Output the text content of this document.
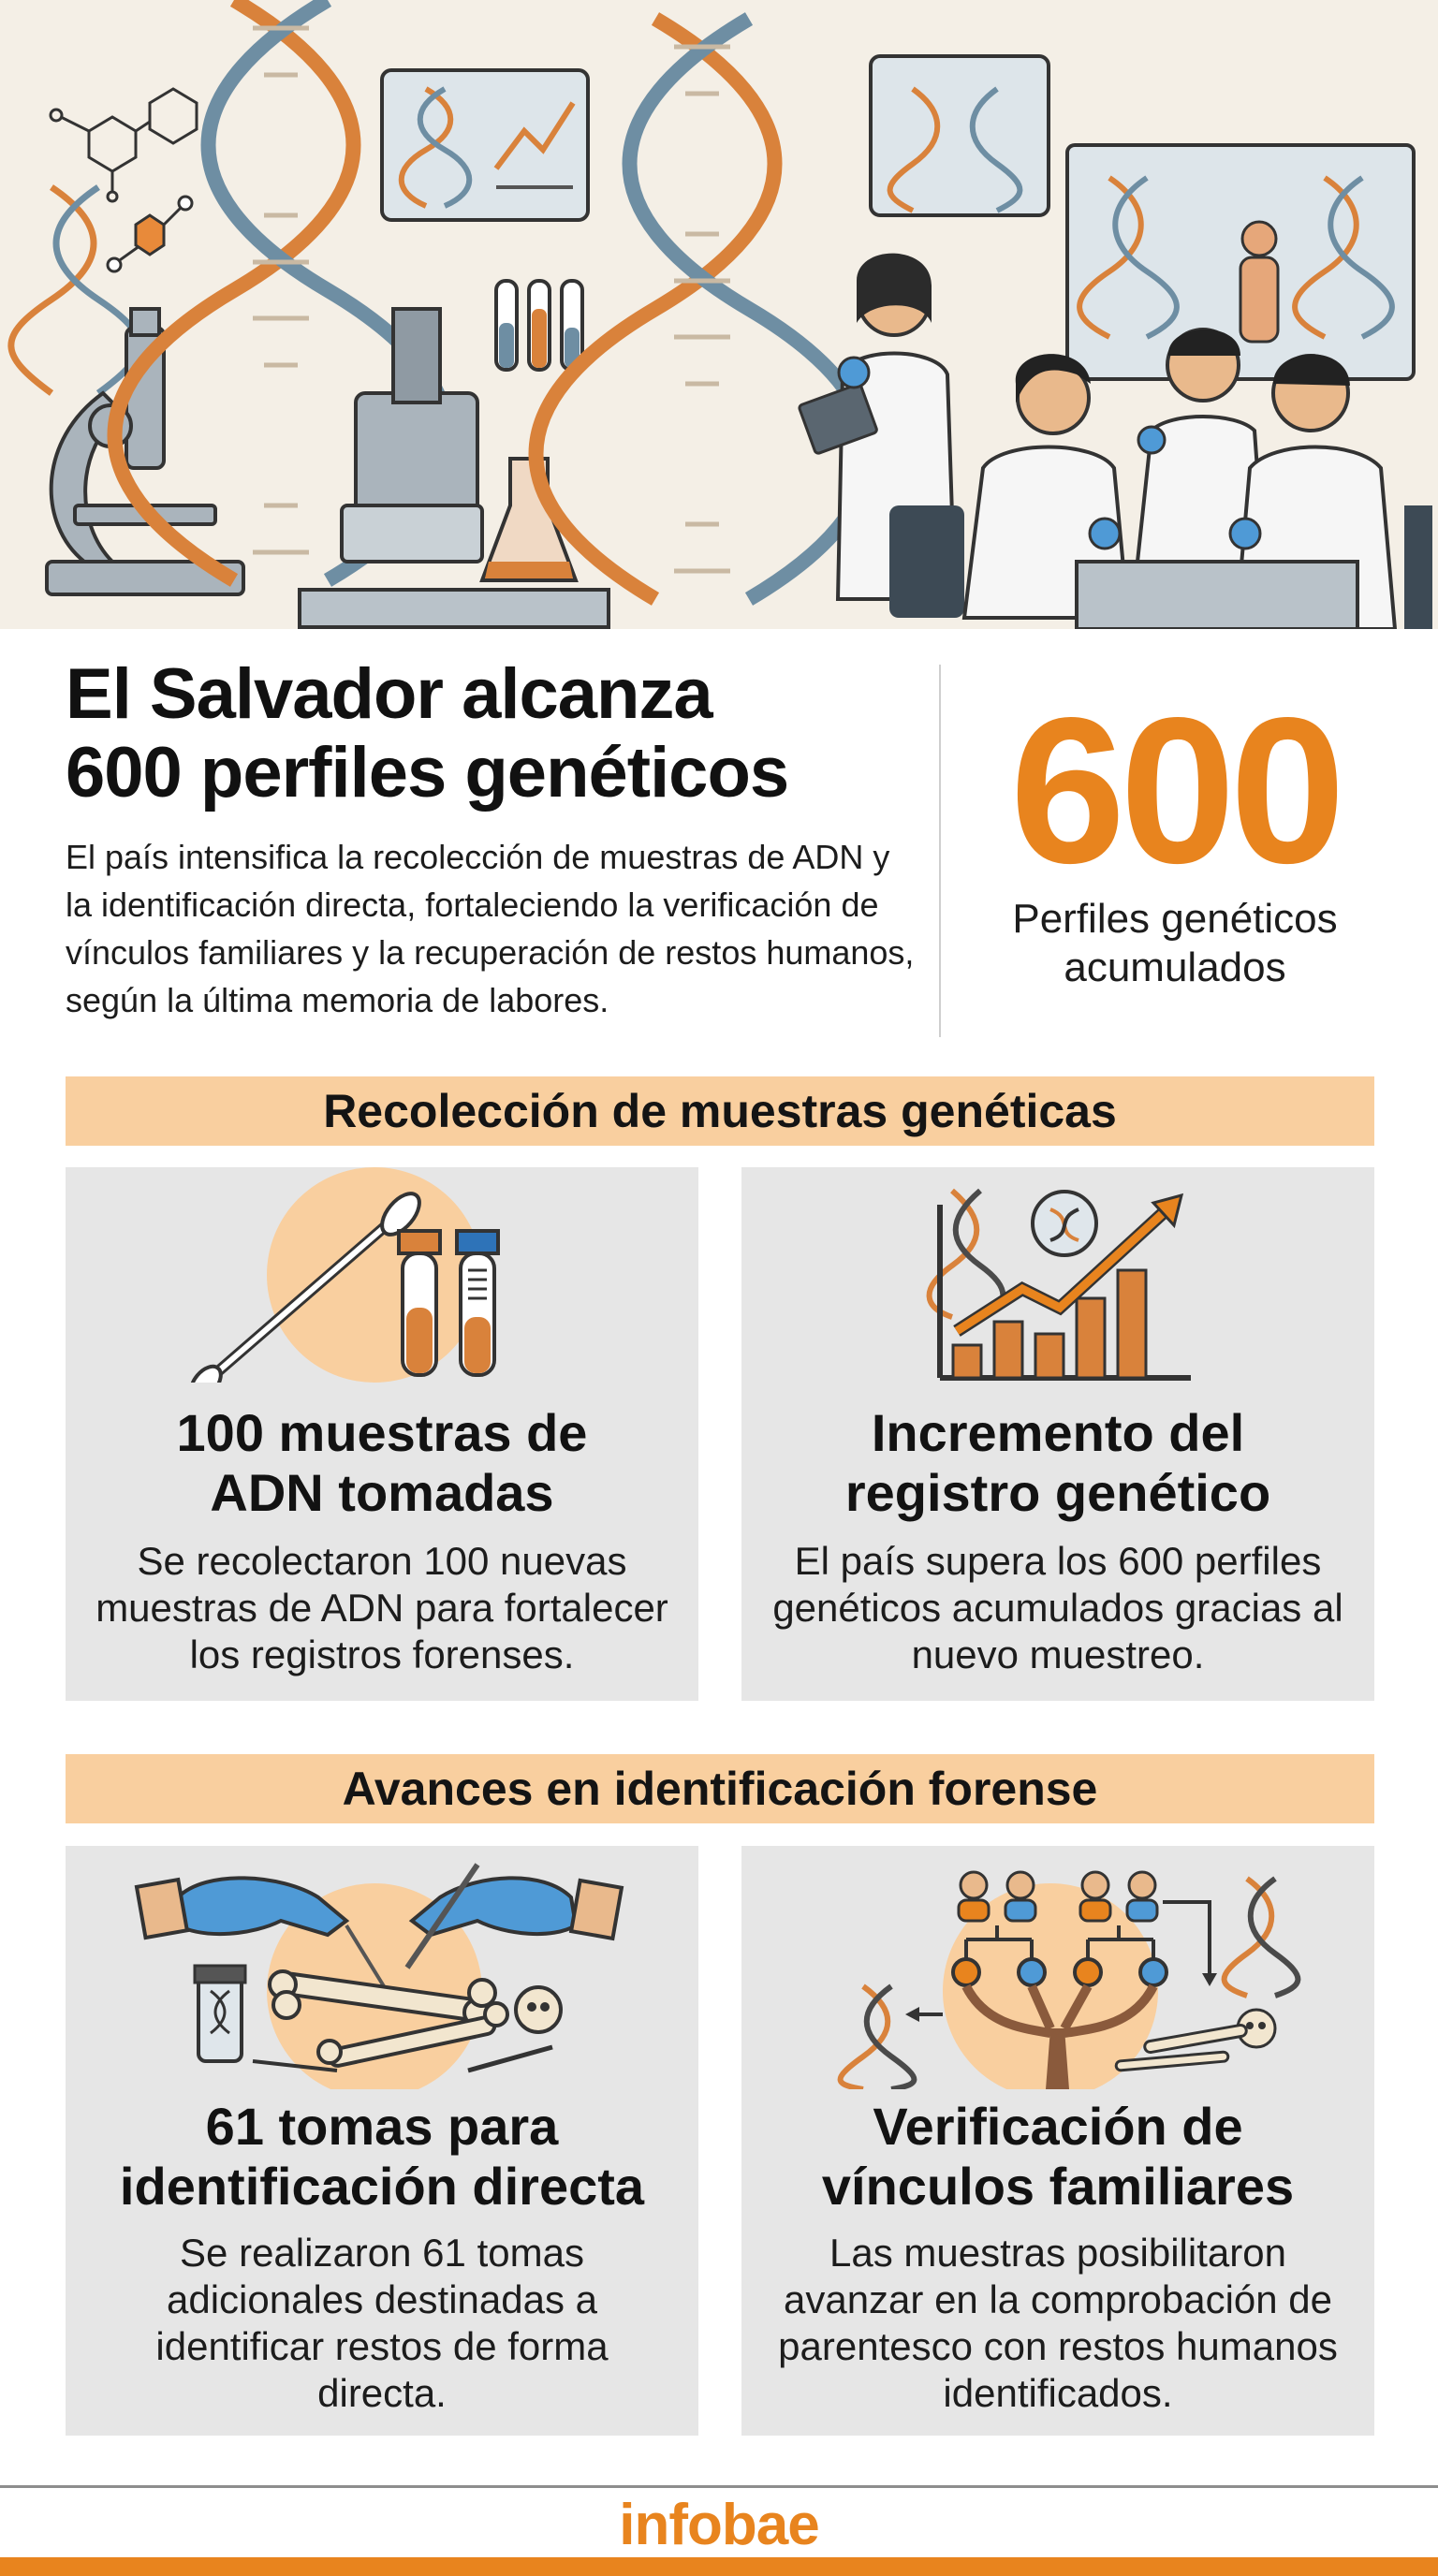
El Salvador alcanza
600 perfiles genéticos

El país intensifica la recolección de muestras de ADN y la identificación directa, fortaleciendo la verificación de vínculos familiares y la recuperación de restos humanos, según la última memoria de labores.

600
Perfiles genéticos acumulados
Recolección de muestras genéticas
100 muestras de
ADN tomadas
Se recolectaron 100 nuevas muestras de ADN para fortalecer los registros forenses.
Incremento del
registro genético
El país supera los 600 perfiles genéticos acumulados gracias al nuevo muestreo.
Avances en identificación forense
61 tomas para
identificación directa
Se realizaron 61 tomas adicionales destinadas a identificar restos de forma directa.
Verificación de
vínculos familiares
Las muestras posibilitaron avanzar en la comprobación de parentesco con restos humanos identificados.
infobae
